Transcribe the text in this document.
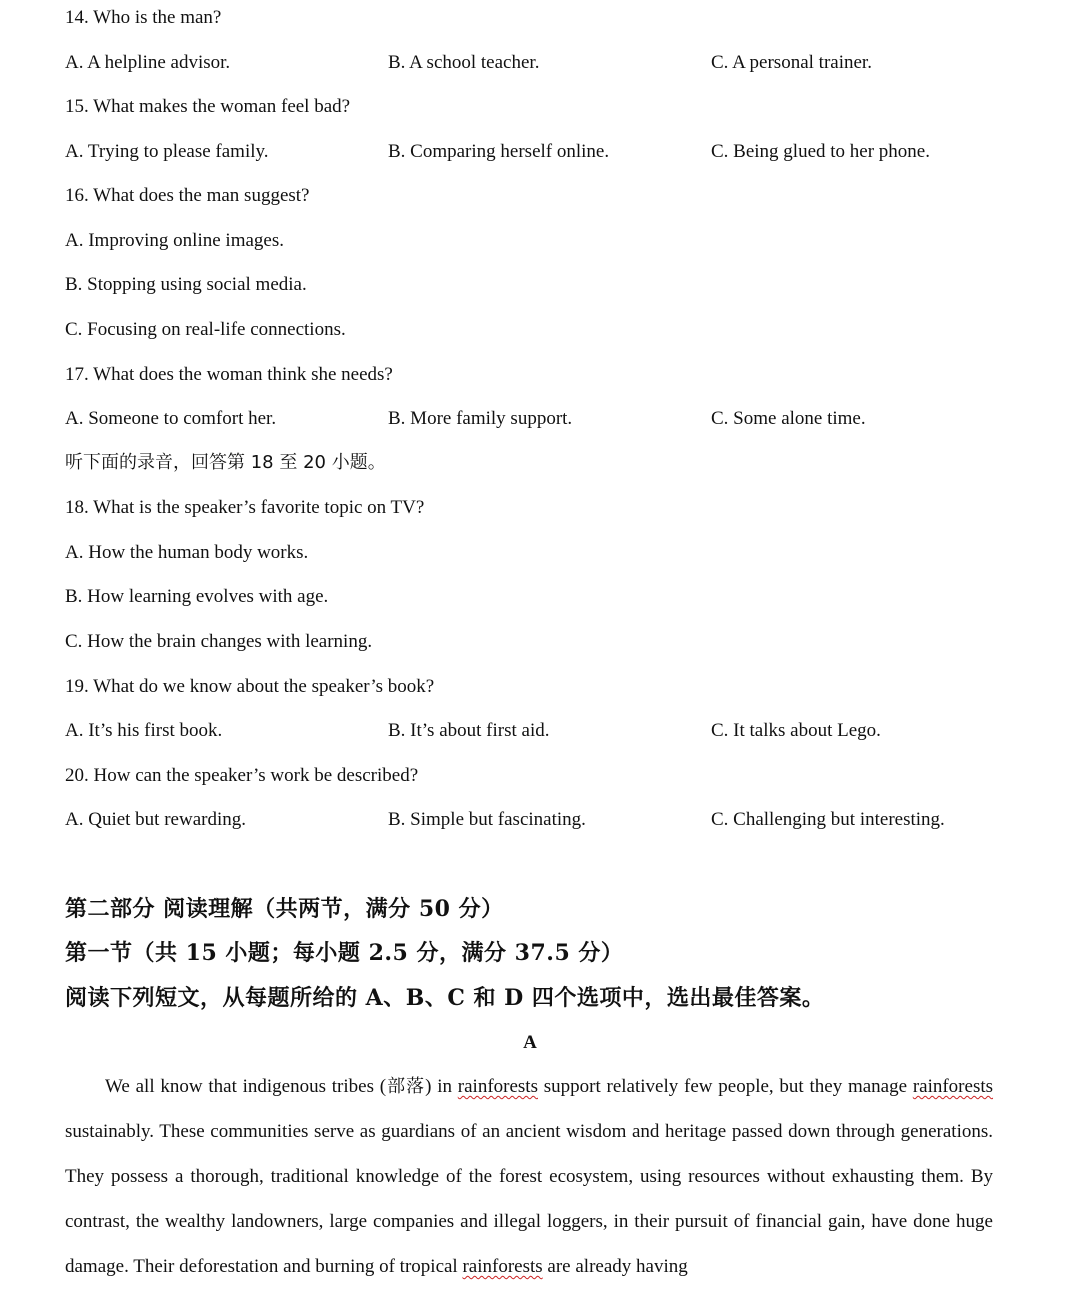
14. Who is the man?
A. A helpline advisor.	B. A school teacher.	C. A personal trainer.
15. What makes the woman feel bad?
A. Trying to please family.	B. Comparing herself online.	C. Being glued to her phone.
16. What does the man suggest?
A. Improving online images.
B. Stopping using social media.
C. Focusing on real-life connections.
17. What does the woman think she needs?
A. Someone to comfort her.	B. More family support.	C. Some alone time.
听下面的录音，回答第 18 至 20 小题。
18. What is the speaker’s favorite topic on TV?
A. How the human body works.
B. How learning evolves with age.
C. How the brain changes with learning.
19. What do we know about the speaker’s book?
A. It’s his first book.	B. It’s about first aid.	C. It talks about Lego.
20. How can the speaker’s work be described?
A. Quiet but rewarding.	B. Simple but fascinating.	C. Challenging but interesting.
第二部分 阅读理解（共两节，满分 50 分）
第一节（共 15 小题；每小题 2.5 分，满分 37.5 分）
阅读下列短文，从每题所给的 A、B、C 和 D 四个选项中，选出最佳答案。
A
We all know that indigenous tribes (部落) in rainforests support relatively few people, but they manage rainforests sustainably. These communities serve as guardians of an ancient wisdom and heritage passed down through generations. They possess a thorough, traditional knowledge of the forest ecosystem, using resources without exhausting them. By contrast, the wealthy landowners, large companies and illegal loggers, in their pursuit of financial gain, have done huge damage. Their deforestation and burning of tropical rainforests are already having
